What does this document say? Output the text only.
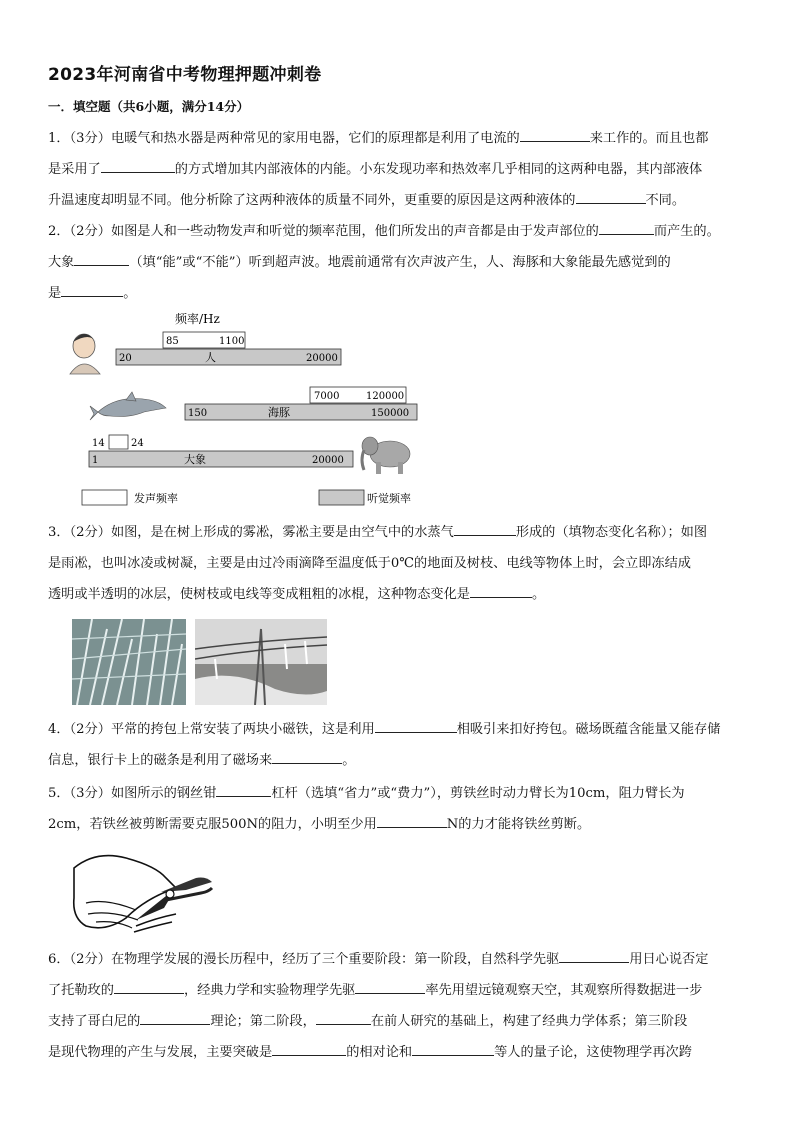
2023年河南省中考物理押题冲刺卷
一．填空题（共6小题，满分14分）

1．（3分）电暖气和热水器是两种常见的家用电器，它们的原理都是利用了电流的	来工作的。而且也都

是采用了	的方式增加其内部液体的内能。小东发现功率和热效率几乎相同的这两种电器，其内部液体

升温速度却明显不同。他分析除了这两种液体的质量不同外，更重要的原因是这两种液体的	不同。

2．（2分）如图是人和一些动物发声和听觉的频率范围，他们所发出的声音都是由于发声部位的	而产生的。

大象	（填“能”或“不能”）听到超声波。地震前通常有次声波产生，人、海豚和大象能最先感觉到的

是	。

频率/Hz
85	1100
20	人	20000
7000	120000
150	海豚	150000
14	24
1	大象	20000
发声频率	听觉频率

3．（2分）如图，是在树上形成的雾凇，雾凇主要是由空气中的水蒸气	形成的（填物态变化名称）；如图

是雨凇，也叫冰凌或树凝，主要是由过冷雨滴降至温度低于0℃的地面及树枝、电线等物体上时，会立即冻结成

透明或半透明的冰层，使树枝或电线等变成粗粗的冰棍，这种物态变化是	。

4．（2分）平常的挎包上常安装了两块小磁铁，这是利用	相吸引来扣好挎包。磁场既蕴含能量又能存储

信息，银行卡上的磁条是利用了磁场来	。

5．（3分）如图所示的钢丝钳	杠杆（选填“省力”或“费力”），剪铁丝时动力臂长为10cm，阻力臂长为

2cm，若铁丝被剪断需要克服500N的阻力，小明至少用	N的力才能将铁丝剪断。

6．（2分）在物理学发展的漫长历程中，经历了三个重要阶段：第一阶段，自然科学先驱	用日心说否定

了托勒玫的	，经典力学和实验物理学先驱	率先用望远镜观察天空，其观察所得数据进一步

支持了哥白尼的	理论；第二阶段，	在前人研究的基础上，构建了经典力学体系；第三阶段

是现代物理的产生与发展，主要突破是	的相对论和	等人的量子论，这使物理学再次跨
